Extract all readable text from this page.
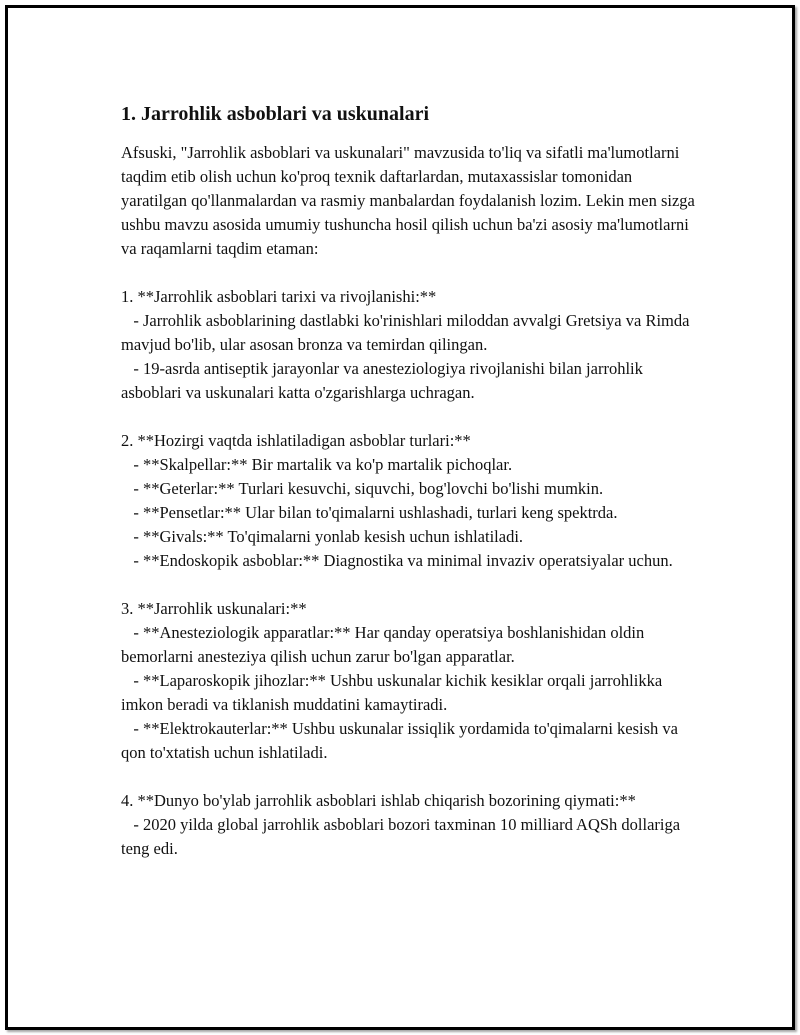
1. Jarrohlik asboblari va uskunalari

Afsuski, "Jarrohlik asboblari va uskunalari" mavzusida to'liq va sifatli ma'lumotlarni taqdim etib olish uchun ko'proq texnik daftarlardan, mutaxassislar tomonidan yaratilgan qo'llanmalardan va rasmiy manbalardan foydalanish lozim. Lekin men sizga ushbu mavzu asosida umumiy tushuncha hosil qilish uchun ba'zi asosiy ma'lumotlarni va raqamlarni taqdim etaman:

1. **Jarrohlik asboblari tarixi va rivojlanishi:**
- Jarrohlik asboblarining dastlabki ko'rinishlari miloddan avvalgi Gretsiya va Rimda mavjud bo'lib, ular asosan bronza va temirdan qilingan.
- 19-asrda antiseptik jarayonlar va anesteziologiya rivojlanishi bilan jarrohlik asboblari va uskunalari katta o'zgarishlarga uchragan.

2. **Hozirgi vaqtda ishlatiladigan asboblar turlari:**
- **Skalpellar:** Bir martalik va ko'p martalik pichoqlar.
- **Geterlar:** Turlari kesuvchi, siquvchi, bog'lovchi bo'lishi mumkin.
- **Pensetlar:** Ular bilan to'qimalarni ushlashadi, turlari keng spektrda.
- **Givals:** To'qimalarni yonlab kesish uchun ishlatiladi.
- **Endoskopik asboblar:** Diagnostika va minimal invaziv operatsiyalar uchun.

3. **Jarrohlik uskunalari:**
- **Anesteziologik apparatlar:** Har qanday operatsiya boshlanishidan oldin bemorlarni anesteziya qilish uchun zarur bo'lgan apparatlar.
- **Laparoskopik jihozlar:** Ushbu uskunalar kichik kesiklar orqali jarrohlikka imkon beradi va tiklanish muddatini kamaytiradi.
- **Elektrokauterlar:** Ushbu uskunalar issiqlik yordamida to'qimalarni kesish va qon to'xtatish uchun ishlatiladi.

4. **Dunyo bo'ylab jarrohlik asboblari ishlab chiqarish bozorining qiymati:**
- 2020 yilda global jarrohlik asboblari bozori taxminan 10 milliard AQSh dollariga teng edi.
